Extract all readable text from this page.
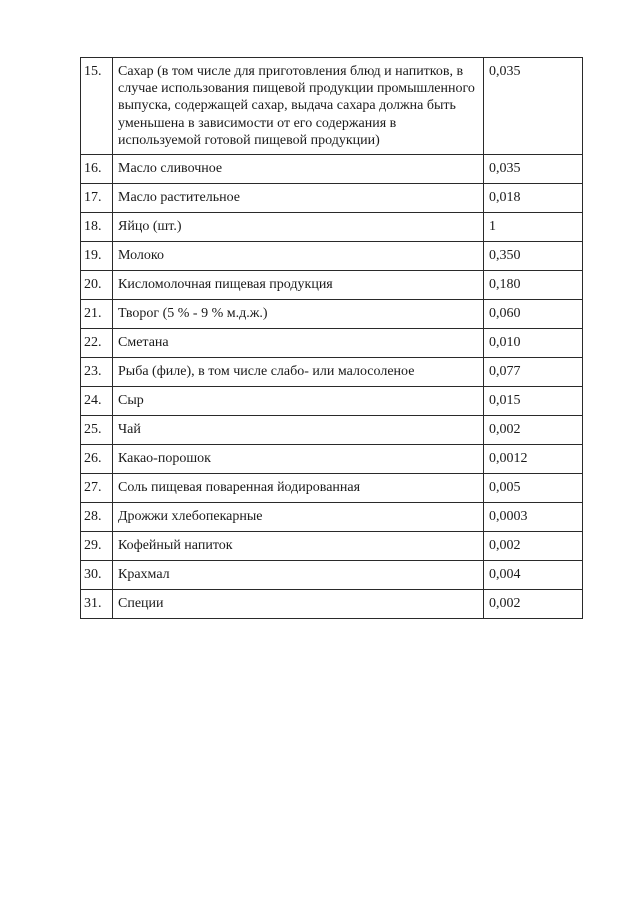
15.	Сахар (в том числе для приготовления блюд и напитков, в случае использования пищевой продукции промышленного выпуска, содержащей сахар, выдача сахара должна быть уменьшена в зависимости от его содержания в используемой готовой пищевой продукции)	0,035
16.	Масло сливочное	0,035
17.	Масло растительное	0,018
18.	Яйцо (шт.)	1
19.	Молоко	0,350
20.	Кисломолочная пищевая продукция	0,180
21.	Творог (5 % - 9 % м.д.ж.)	0,060
22.	Сметана	0,010
23.	Рыба (филе), в том числе слабо- или малосоленое	0,077
24.	Сыр	0,015
25.	Чай	0,002
26.	Какао-порошок	0,0012
27.	Соль пищевая поваренная йодированная	0,005
28.	Дрожжи хлебопекарные	0,0003
29.	Кофейный напиток	0,002
30.	Крахмал	0,004
31.	Специи	0,002
